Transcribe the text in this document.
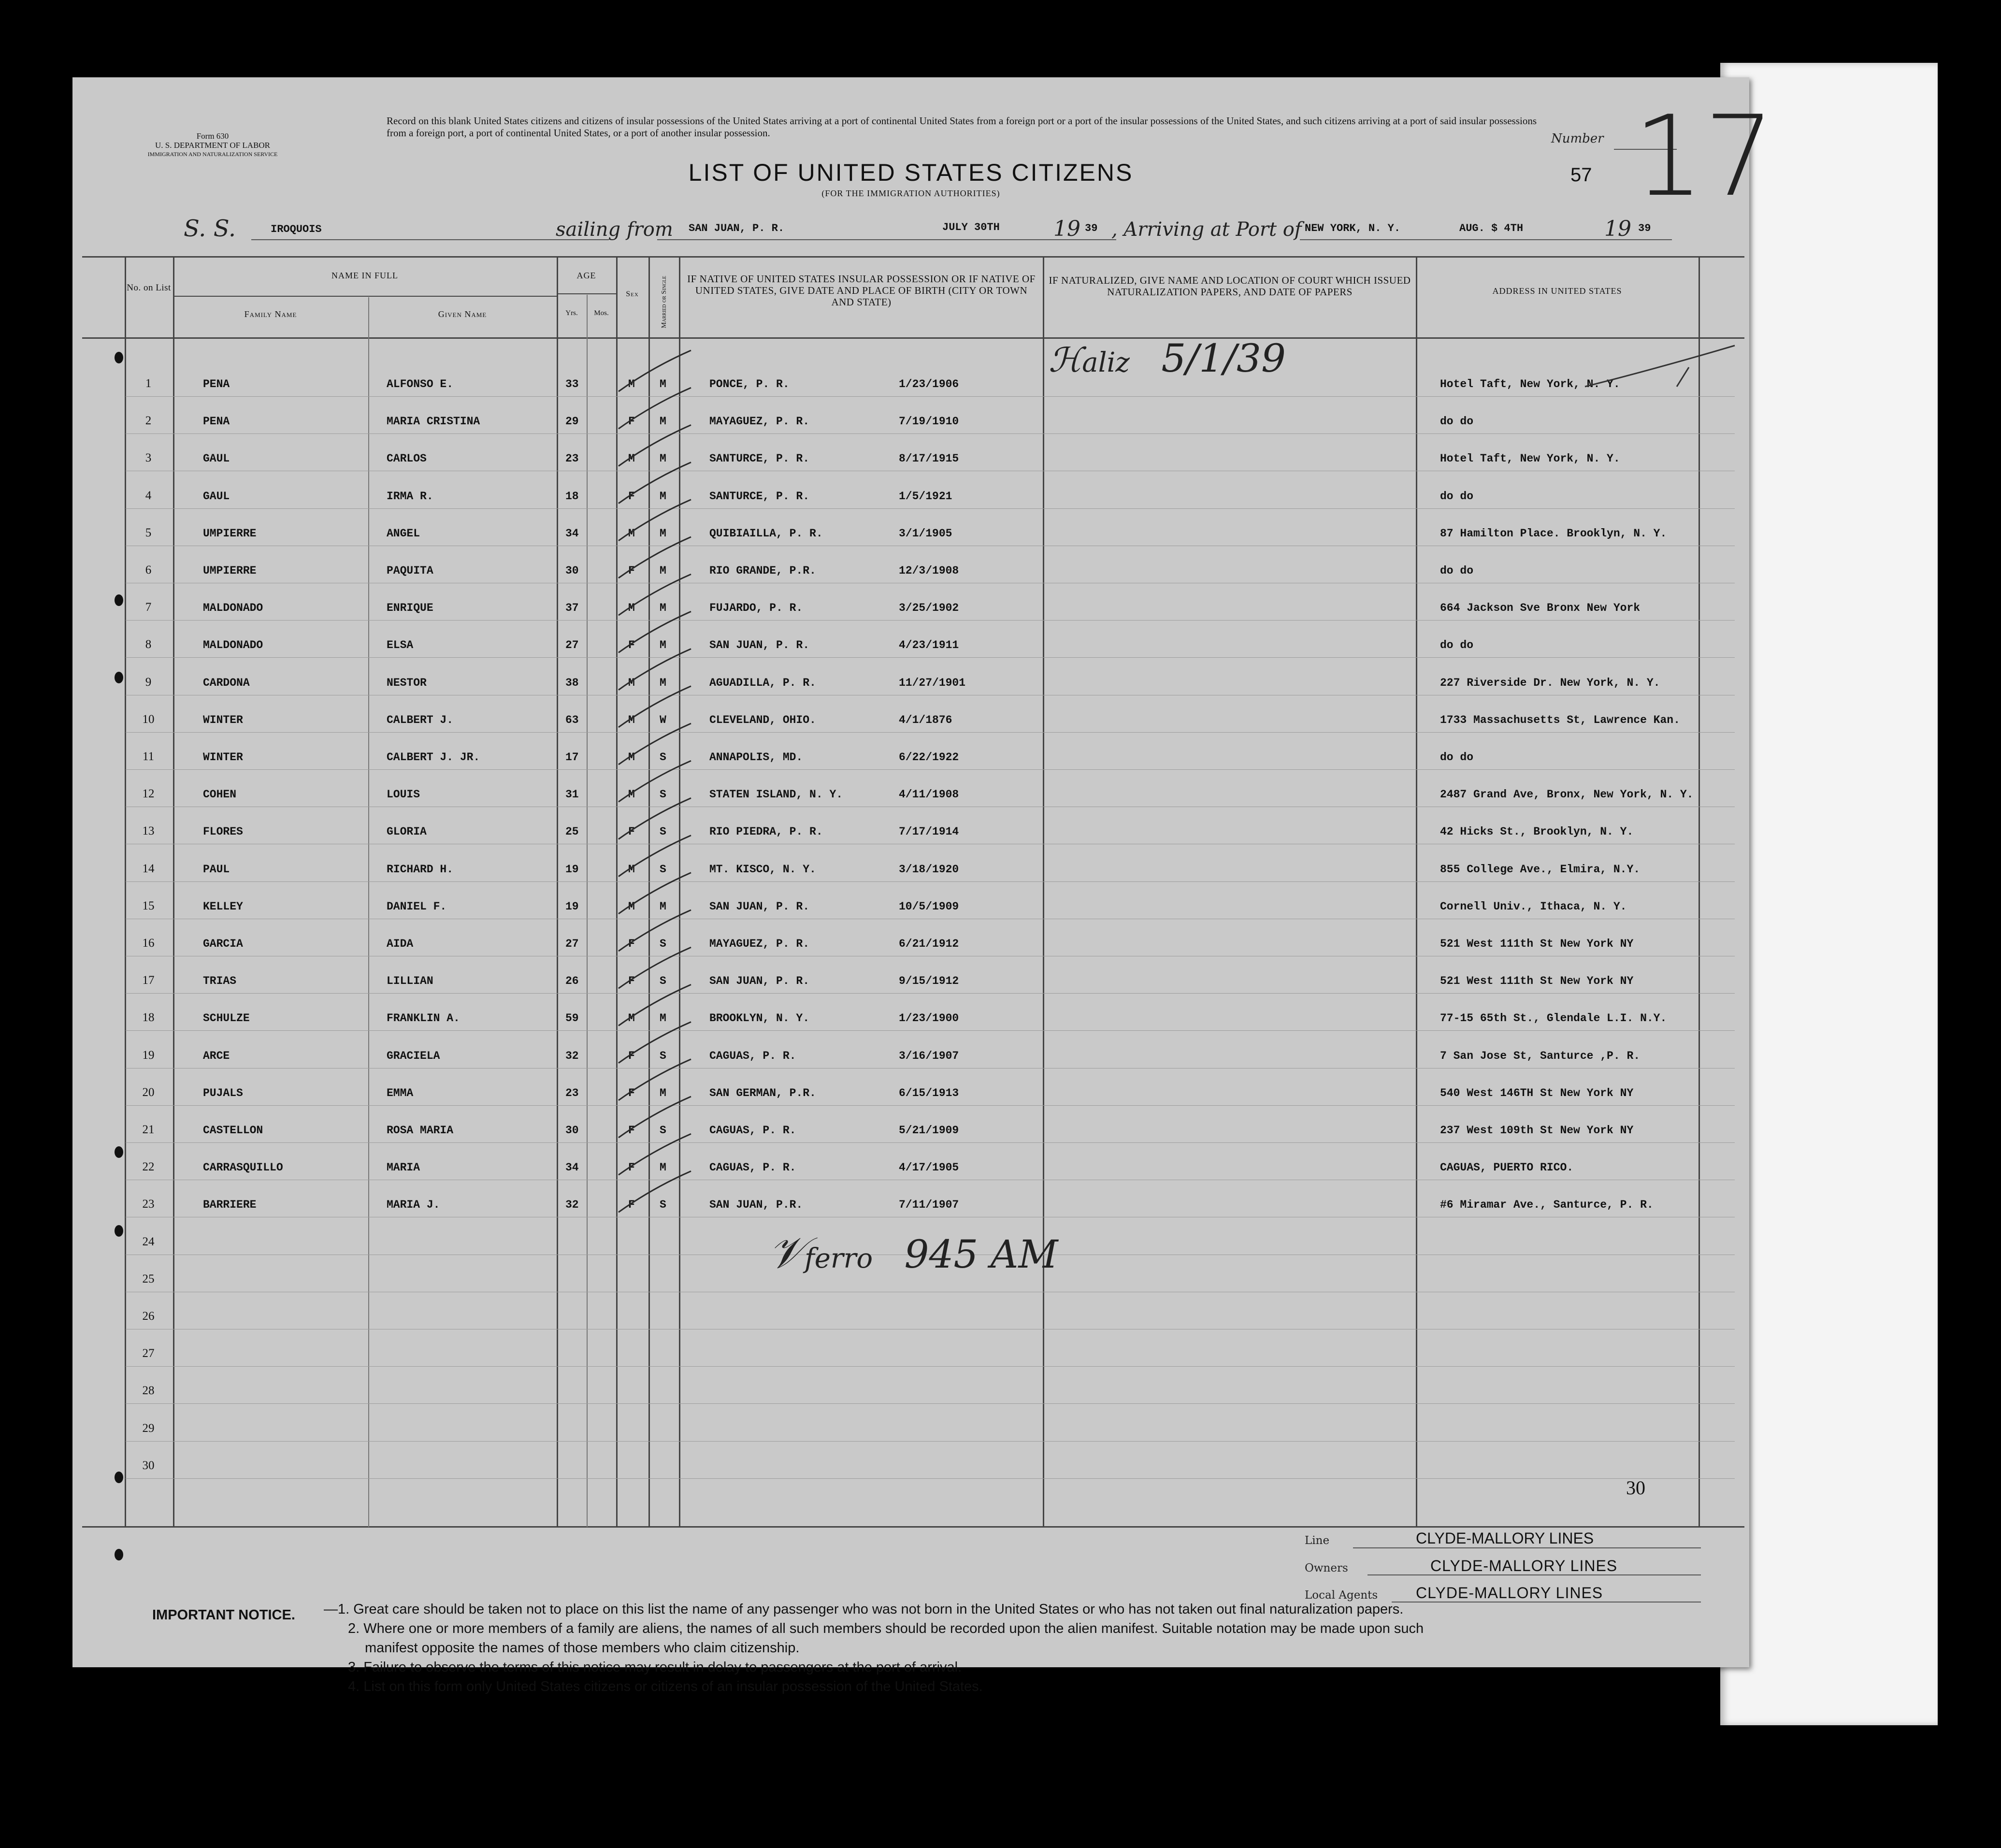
Form 630
U. S. DEPARTMENT OF LABOR
IMMIGRATION AND NATURALIZATION SERVICE
Record on this blank United States citizens and citizens of insular possessions of the United States arriving at a port of continental United States from a foreign port or a port of the insular possessions of the United States, and such citizens arriving at a port of said insular possessions from a foreign port, a port of continental United States, or a port of another insular possession.	Number
57 17
LIST OF UNITED STATES CITIZENS
(FOR THE IMMIGRATION AUTHORITIES)
S. S.	IROQUOIS	sailing from SAN JUAN, P. R.	JULY 30TH	19 39 , Arriving at Port of NEW YORK, N. Y.	AUG. $ 4TH	19 39
No. on List
NAME IN FULL
Family Name	Given Name
AGE
Yrs.	Mos.
Sex	Married or Single IF NATIVE OF UNITED STATES INSULAR POSSESSION OR IF NATIVE OF UNITED STATES, GIVE DATE AND PLACE OF BIRTH (CITY OR TOWN AND STATE)
IF NATURALIZED, GIVE NAME AND LOCATION OF COURT WHICH ISSUED NATURALIZATION PAPERS, AND DATE OF PAPERS	ADDRESS IN UNITED STATES
1	PENA	ALFONSO E.	33	M M	PONCE, P. R.	1/23/1906	Hotel Taft, New York, N. Y.
2	PENA	MARIA CRISTINA	29	F M	MAYAGUEZ, P. R.	7/19/1910	do do
3	GAUL	CARLOS	23	M M	SANTURCE, P. R.	8/17/1915	Hotel Taft, New York, N. Y.
4	GAUL	IRMA R.	18	F M	SANTURCE, P. R.	1/5/1921	do do
5	UMPIERRE	ANGEL	34	M M	QUIBIAILLA, P. R.	3/1/1905	87 Hamilton Place. Brooklyn, N. Y.
6	UMPIERRE	PAQUITA	30	F M	RIO GRANDE, P.R.	12/3/1908	do do
7	MALDONADO	ENRIQUE	37	M M	FUJARDO, P. R.	3/25/1902	664 Jackson Sve Bronx New York
8	MALDONADO	ELSA	27	F M	SAN JUAN, P. R.	4/23/1911	do do
9	CARDONA	NESTOR	38	M M	AGUADILLA, P. R.	11/27/1901	227 Riverside Dr. New York, N. Y.
10	WINTER	CALBERT J.	63	M W	CLEVELAND, OHIO.	4/1/1876	1733 Massachusetts St, Lawrence Kan.
11	WINTER	CALBERT J. JR.	17	M S	ANNAPOLIS, MD.	6/22/1922	do do
12	COHEN	LOUIS	31	M S	STATEN ISLAND, N. Y.	4/11/1908	2487 Grand Ave, Bronx, New York, N. Y.
13	FLORES	GLORIA	25	F S	RIO PIEDRA, P. R.	7/17/1914	42 Hicks St., Brooklyn, N. Y.
14	PAUL	RICHARD H.	19	M S	MT. KISCO, N. Y.	3/18/1920	855 College Ave., Elmira, N.Y.
15	KELLEY	DANIEL F.	19	M M	SAN JUAN, P. R.	10/5/1909	Cornell Univ., Ithaca, N. Y.
16	GARCIA	AIDA	27	F S	MAYAGUEZ, P. R.	6/21/1912	521 West 111th St New York NY
17	TRIAS	LILLIAN	26	F S	SAN JUAN, P. R.	9/15/1912	521 West 111th St New York NY
18	SCHULZE	FRANKLIN A.	59	M M	BROOKLYN, N. Y.	1/23/1900	77-15 65th St., Glendale L.I. N.Y.
19	ARCE	GRACIELA	32	F S	CAGUAS, P. R.	3/16/1907	7 San Jose St, Santurce ,P. R.
20	PUJALS	EMMA	23	F M	SAN GERMAN, P.R.	6/15/1913	540 West 146TH St New York NY
21	CASTELLON	ROSA MARIA	30	F S	CAGUAS, P. R.	5/21/1909	237 West 109th St New York NY
22	CARRASQUILLO	MARIA	34	F M	CAGUAS, P. R.	4/17/1905	CAGUAS, PUERTO RICO.
23	BARRIERE	MARIA J.	32	F S	SAN JUAN, P.R.	7/11/1907	#6 Miramar Ave., Santurce, P. R.
24
25
26
27
28
29
30
ℋaliz 5/1/39
𝒱ferro 945 AM
30
Line	CLYDE-MALLORY LINES
Owners	CLYDE-MALLORY LINES
Local Agents CLYDE-MALLORY LINES
IMPORTANT NOTICE. —1. Great care should be taken not to place on this list the name of any passenger who was not born in the United States or who has not taken out final naturalization papers.
2. Where one or more members of a family are aliens, the names of all such members should be recorded upon the alien manifest. Suitable notation may be made upon such
manifest opposite the names of those members who claim citizenship.
3. Failure to observe the terms of this notice may result in delay to passengers at the port of arrival.
4. List on this form only United States citizens or citizens of an insular possession of the United States.
